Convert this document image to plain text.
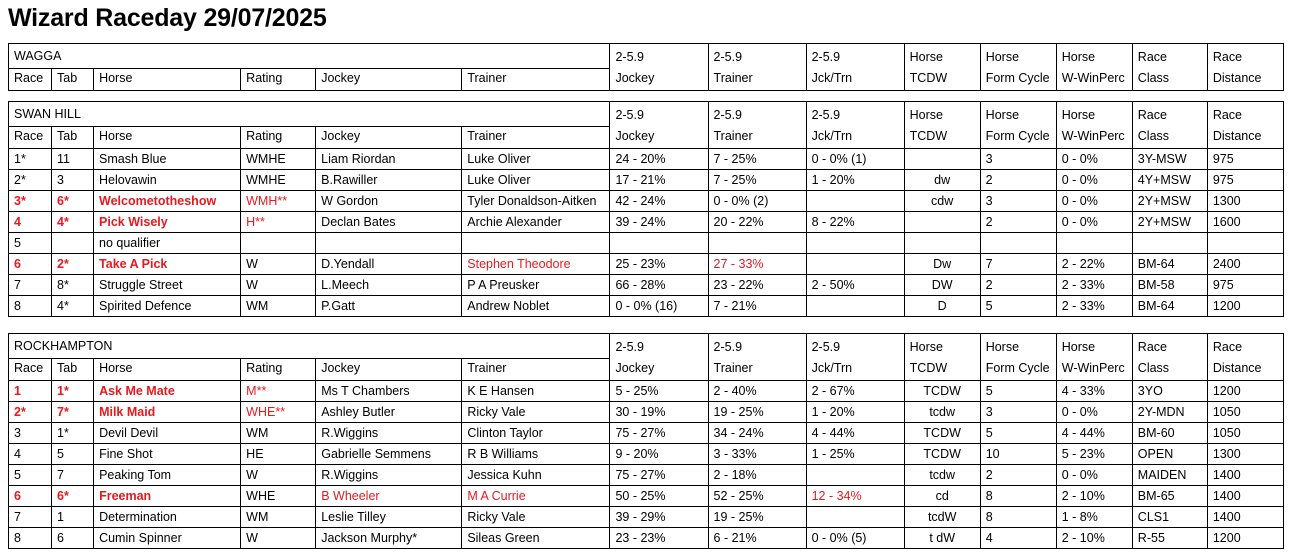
Wizard Raceday 29/07/2025
WAGGA						2-5.9	2-5.9	2-5.9	Horse	Horse	Horse	Race	Race
Race	Tab	Horse	Rating	Jockey	Trainer	Jockey	Trainer	Jck/Trn	TCDW	Form Cycle	W-WinPerc	Class	Distance
SWAN HILL						2-5.9	2-5.9	2-5.9	Horse	Horse	Horse	Race	Race
Race	Tab	Horse	Rating	Jockey	Trainer	Jockey	Trainer	Jck/Trn	TCDW	Form Cycle	W-WinPerc	Class	Distance
1*	11	Smash Blue	WMHE	Liam Riordan	Luke Oliver	24 - 20%	7 - 25%	0 - 0% (1)		3	0 - 0%	3Y-MSW	975
2*	3	Helovawin	WMHE	B.Rawiller	Luke Oliver	17 - 21%	7 - 25%	1 - 20%	dw	2	0 - 0%	4Y+MSW	975
3*	6*	Welcometotheshow	WMH**	W Gordon	Tyler Donaldson-Aitken	42 - 24%	0 - 0% (2)		cdw	3	0 - 0%	2Y+MSW	1300
4	4*	Pick Wisely	H**	Declan Bates	Archie Alexander	39 - 24%	20 - 22%	8 - 22%		2	0 - 0%	2Y+MSW	1600
5		no qualifier											
6	2*	Take A Pick	W	D.Yendall	Stephen Theodore	25 - 23%	27 - 33%		Dw	7	2 - 22%	BM-64	2400
7	8*	Struggle Street	W	L.Meech	P A Preusker	66 - 28%	23 - 22%	2 - 50%	DW	2	2 - 33%	BM-58	975
8	4*	Spirited Defence	WM	P.Gatt	Andrew Noblet	0 - 0% (16)	7 - 21%		D	5	2 - 33%	BM-64	1200
ROCKHAMPTON						2-5.9	2-5.9	2-5.9	Horse	Horse	Horse	Race	Race
Race	Tab	Horse	Rating	Jockey	Trainer	Jockey	Trainer	Jck/Trn	TCDW	Form Cycle	W-WinPerc	Class	Distance
1	1*	Ask Me Mate	M**	Ms T Chambers	K E Hansen	5 - 25%	2 - 40%	2 - 67%	TCDW	5	4 - 33%	3YO	1200
2*	7*	Milk Maid	WHE**	Ashley Butler	Ricky Vale	30 - 19%	19 - 25%	1 - 20%	tcdw	3	0 - 0%	2Y-MDN	1050
3	1*	Devil Devil	WM	R.Wiggins	Clinton Taylor	75 - 27%	34 - 24%	4 - 44%	TCDW	5	4 - 44%	BM-60	1050
4	5	Fine Shot	HE	Gabrielle Semmens	R B Williams	9 - 20%	3 - 33%	1 - 25%	TCDW	10	5 - 23%	OPEN	1300
5	7	Peaking Tom	W	R.Wiggins	Jessica Kuhn	75 - 27%	2 - 18%		tcdw	2	0 - 0%	MAIDEN	1400
6	6*	Freeman	WHE	B Wheeler	M A Currie	50 - 25%	52 - 25%	12 - 34%	cd	8	2 - 10%	BM-65	1400
7	1	Determination	WM	Leslie Tilley	Ricky Vale	39 - 29%	19 - 25%		tcdW	8	1 - 8%	CLS1	1400
8	6	Cumin Spinner	W	Jackson Murphy*	Sileas Green	23 - 23%	6 - 21%	0 - 0% (5)	t dW	4	2 - 10%	R-55	1200
